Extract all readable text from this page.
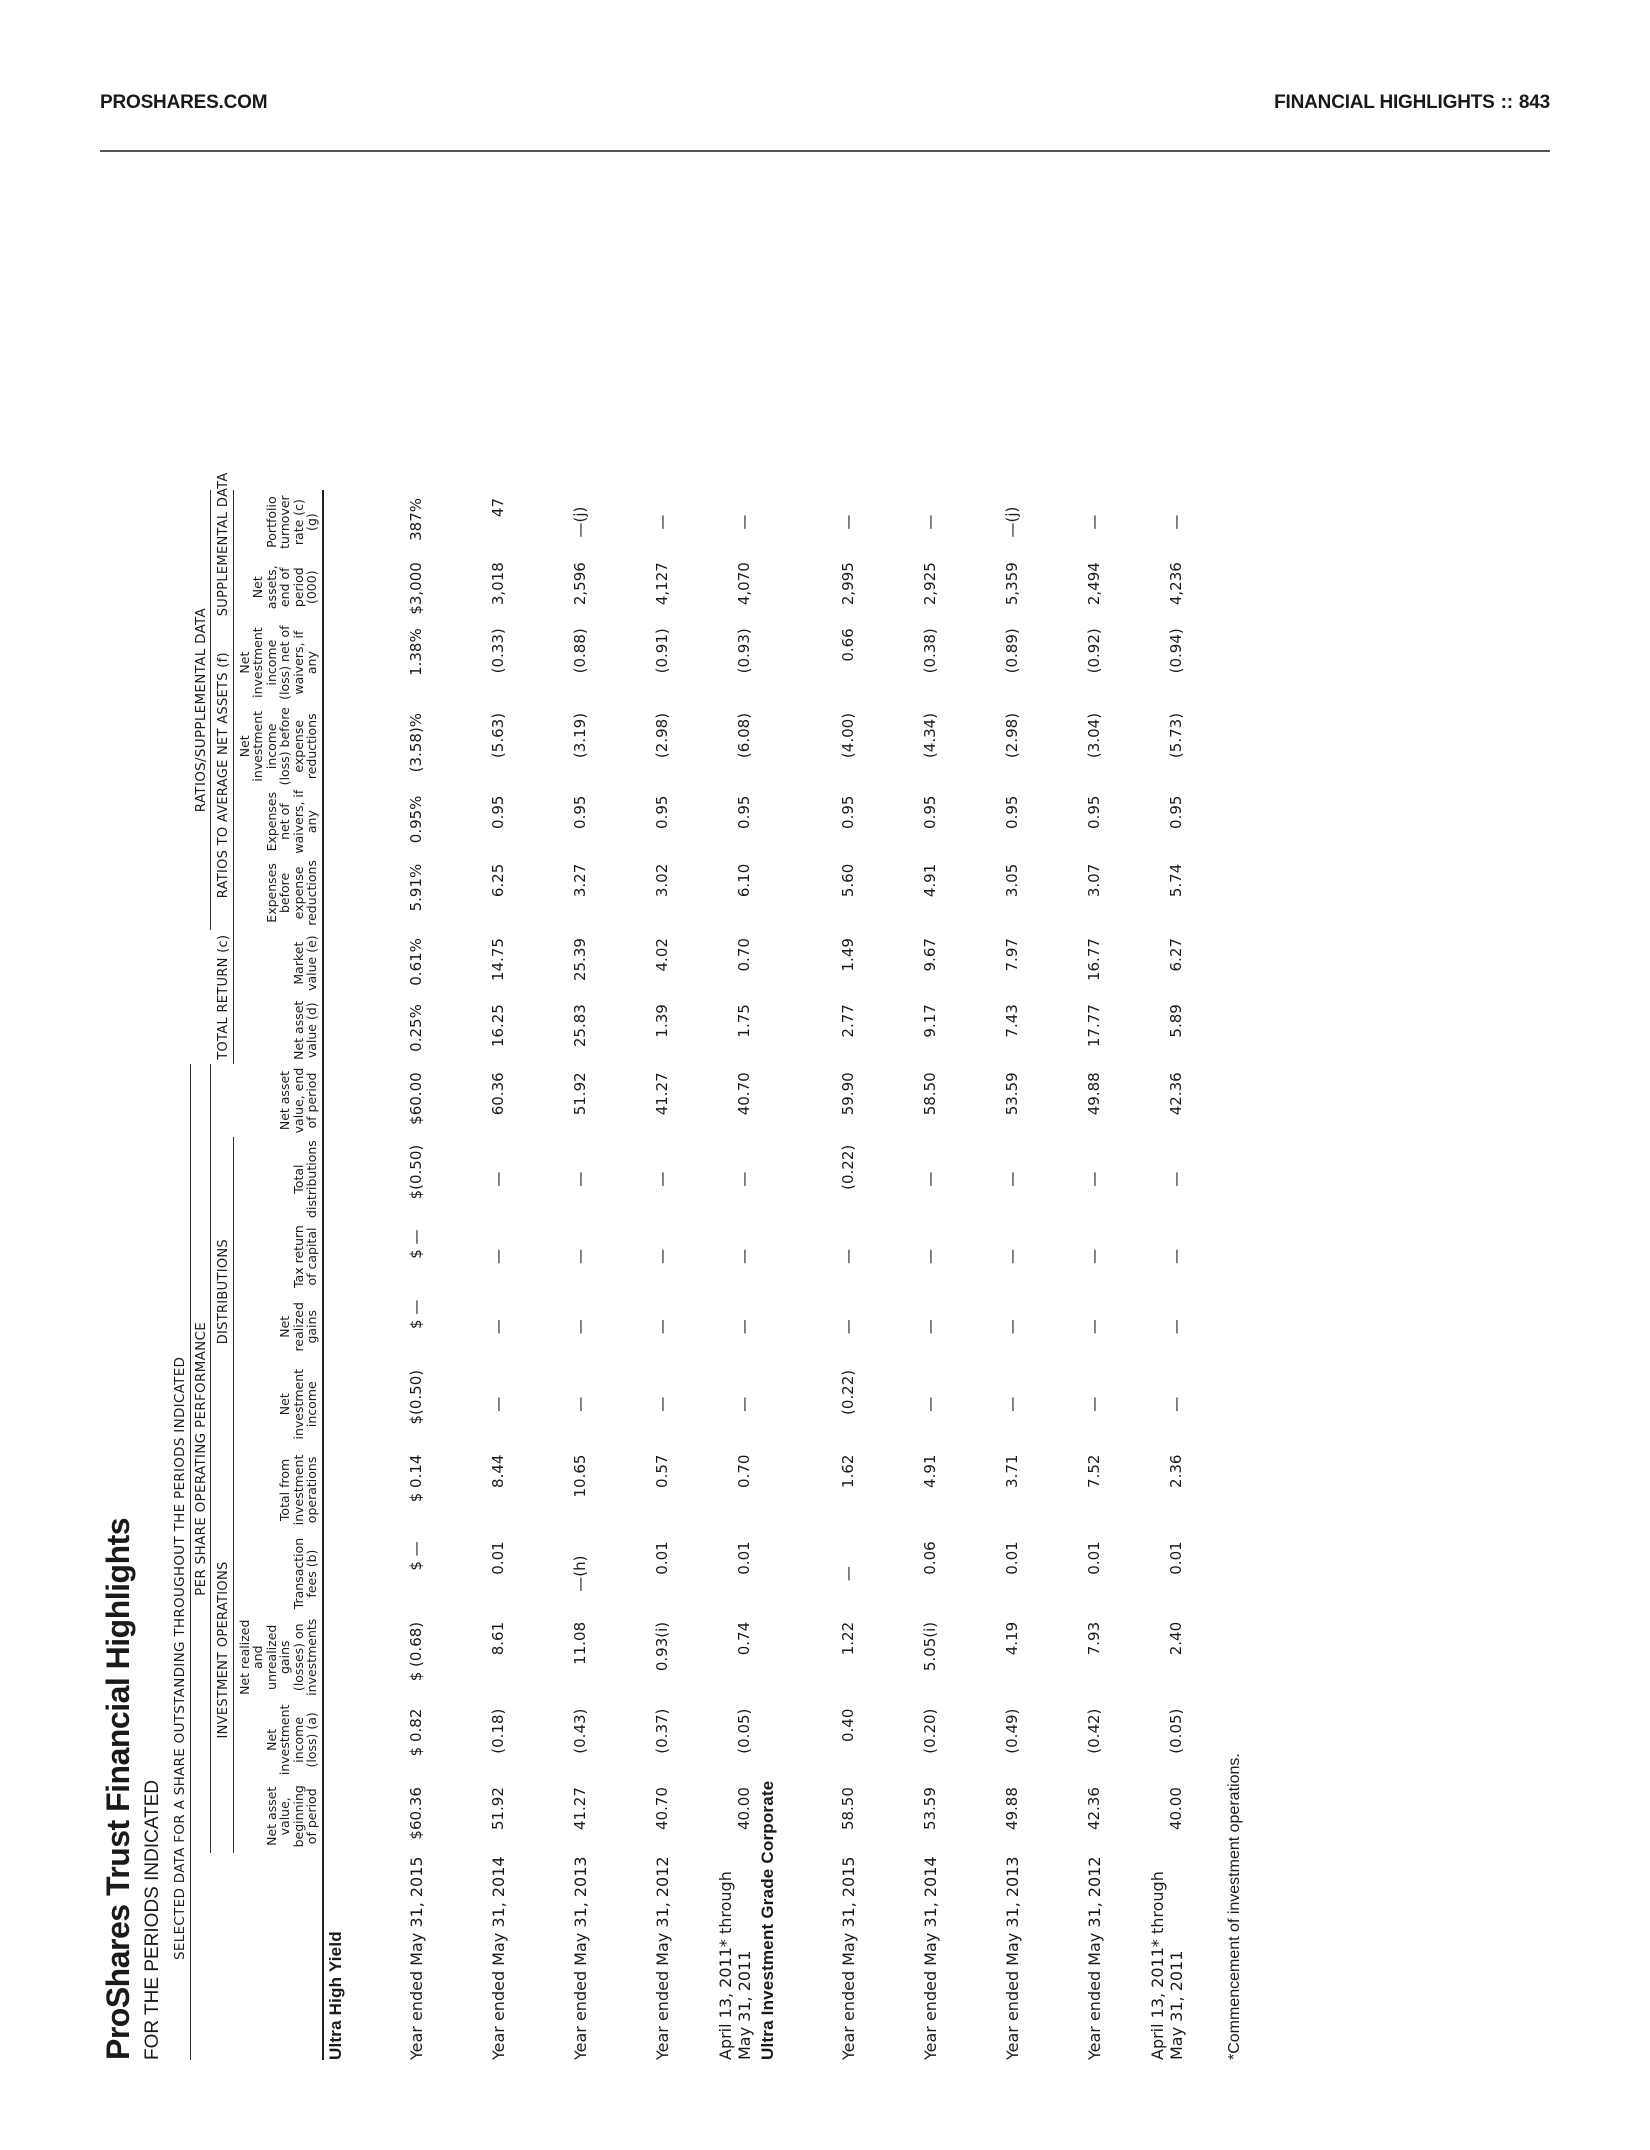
PROSHARES.COM	FINANCIAL HIGHLIGHTS :: 843
ProShares Trust Financial Highlights FOR THE PERIODS INDICATED SELECTED DATA FOR A SHARE OUTSTANDING THROUGHOUT THE PERIODS INDICATED																		
	PER SHARE OPERATING PERFORMANCE												RATIOS/SUPPLEMENTAL DATA					
	INVESTMENT OPERATIONS					DISTRIBUTIONS					TOTAL RETURN (c)		RATIOS TO AVERAGE NET ASSETS (f)				SUPPLEMENTAL DATA	
	Net asset value, beginning of period	Net investment income (loss) (a)	Net realized and unrealized gains (losses) on investments	Transaction fees (b)	Total from investment operations	Net investment income	Net realized gains	Tax return of capital	Total distributions	Net asset value, end of period	Net asset value (d)	Market value (e)	Expenses before expense reductions	Expenses net of waivers, if any	Net investment income (loss) before expense reductions	Net investment income (loss) net of waivers, if any	Net assets, end of period (000)	Portfolio turnover rate (c)(g)
Ultra High Yield																		
Year ended May 31, 2015	$60.36	$ 0.82	$ (0.68)	$ —	$ 0.14	$(0.50)	$ —	$ —	$(0.50)	$60.00	0.25%	0.61%	5.91%	0.95%	(3.58)%	1.38%	$3,000	387%
Year ended May 31, 2014	51.92	(0.18)	8.61	0.01	8.44	—	—	—	—	60.36	16.25	14.75	6.25	0.95	(5.63)	(0.33)	3,018	47
Year ended May 31, 2013	41.27	(0.43)	11.08	—(h)	10.65	—	—	—	—	51.92	25.83	25.39	3.27	0.95	(3.19)	(0.88)	2,596	—(j)
Year ended May 31, 2012	40.70	(0.37)	0.93(i)	0.01	0.57	—	—	—	—	41.27	1.39	4.02	3.02	0.95	(2.98)	(0.91)	4,127	—
April 13, 2011* through May 31, 2011	40.00	(0.05)	0.74	0.01	0.70	—	—	—	—	40.70	1.75	0.70	6.10	0.95	(6.08)	(0.93)	4,070	—
Ultra Investment Grade Corporate																		
Year ended May 31, 2015	58.50	0.40	1.22	—	1.62	(0.22)	—	—	(0.22)	59.90	2.77	1.49	5.60	0.95	(4.00)	0.66	2,995	—
Year ended May 31, 2014	53.59	(0.20)	5.05(i)	0.06	4.91	—	—	—	—	58.50	9.17	9.67	4.91	0.95	(4.34)	(0.38)	2,925	—
Year ended May 31, 2013	49.88	(0.49)	4.19	0.01	3.71	—	—	—	—	53.59	7.43	7.97	3.05	0.95	(2.98)	(0.89)	5,359	—(j)
Year ended May 31, 2012	42.36	(0.42)	7.93	0.01	7.52	—	—	—	—	49.88	17.77	16.77	3.07	0.95	(3.04)	(0.92)	2,494	—
April 13, 2011* through May 31, 2011	40.00	(0.05)	2.40	0.01	2.36	—	—	—	—	42.36	5.89	6.27	5.74	0.95	(5.73)	(0.94)	4,236	—
*Commencement of investment operations.
